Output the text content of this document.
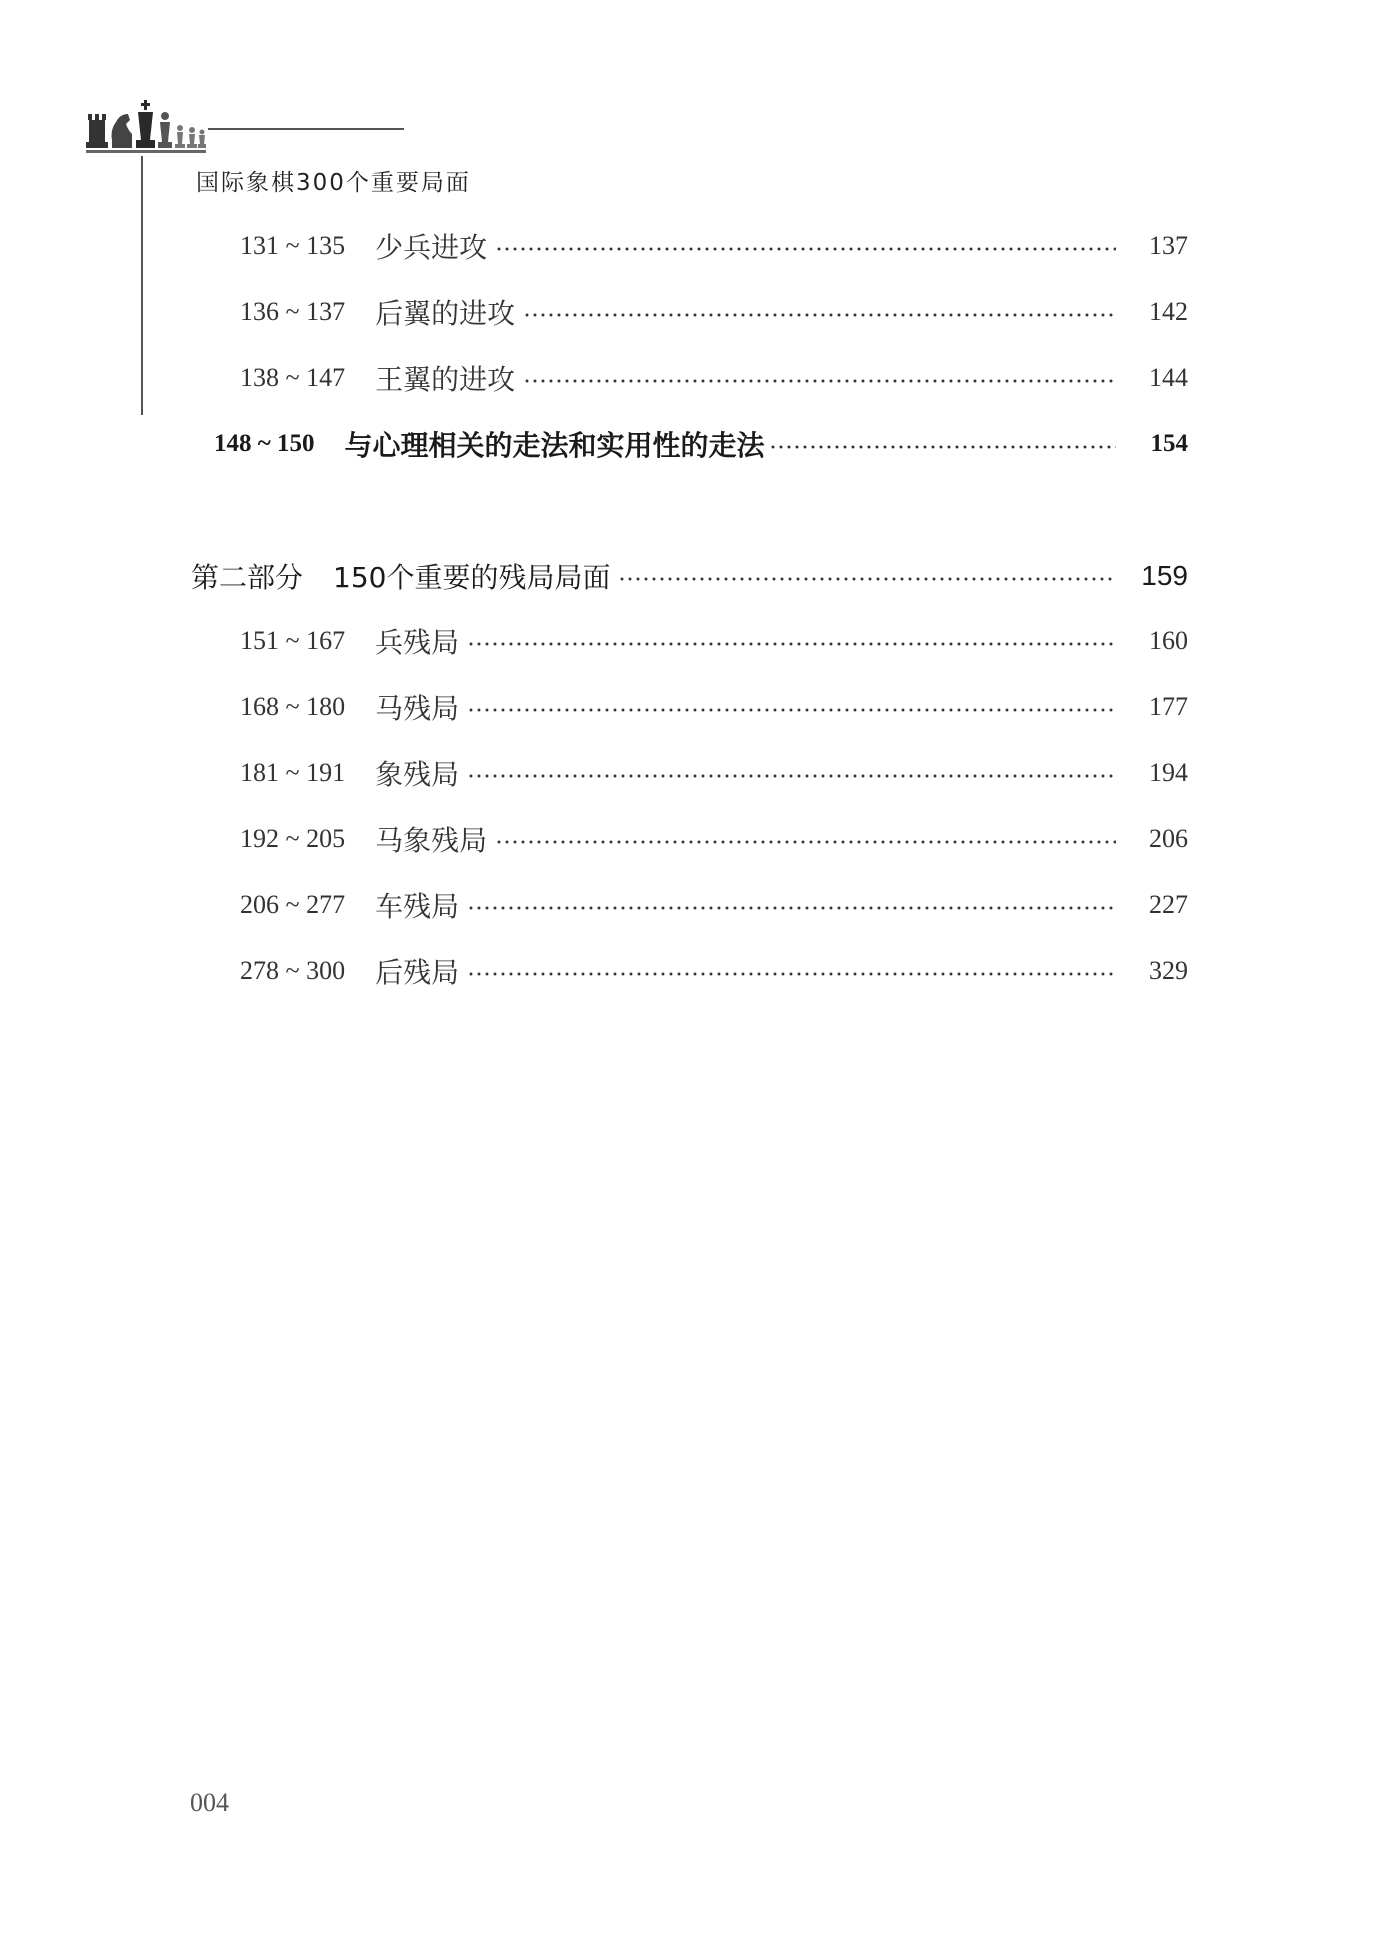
国际象棋300个重要局面
131 ~ 135 少兵进攻	137
136 ~ 137 后翼的进攻	142
138 ~ 147 王翼的进攻	144
148 ~ 150 与心理相关的走法和实用性的走法	154
第二部分 150个重要的残局局面	159
151 ~ 167 兵残局	160
168 ~ 180 马残局	177
181 ~ 191 象残局	194
192 ~ 205 马象残局	206
206 ~ 277 车残局	227
278 ~ 300 后残局	329
004
